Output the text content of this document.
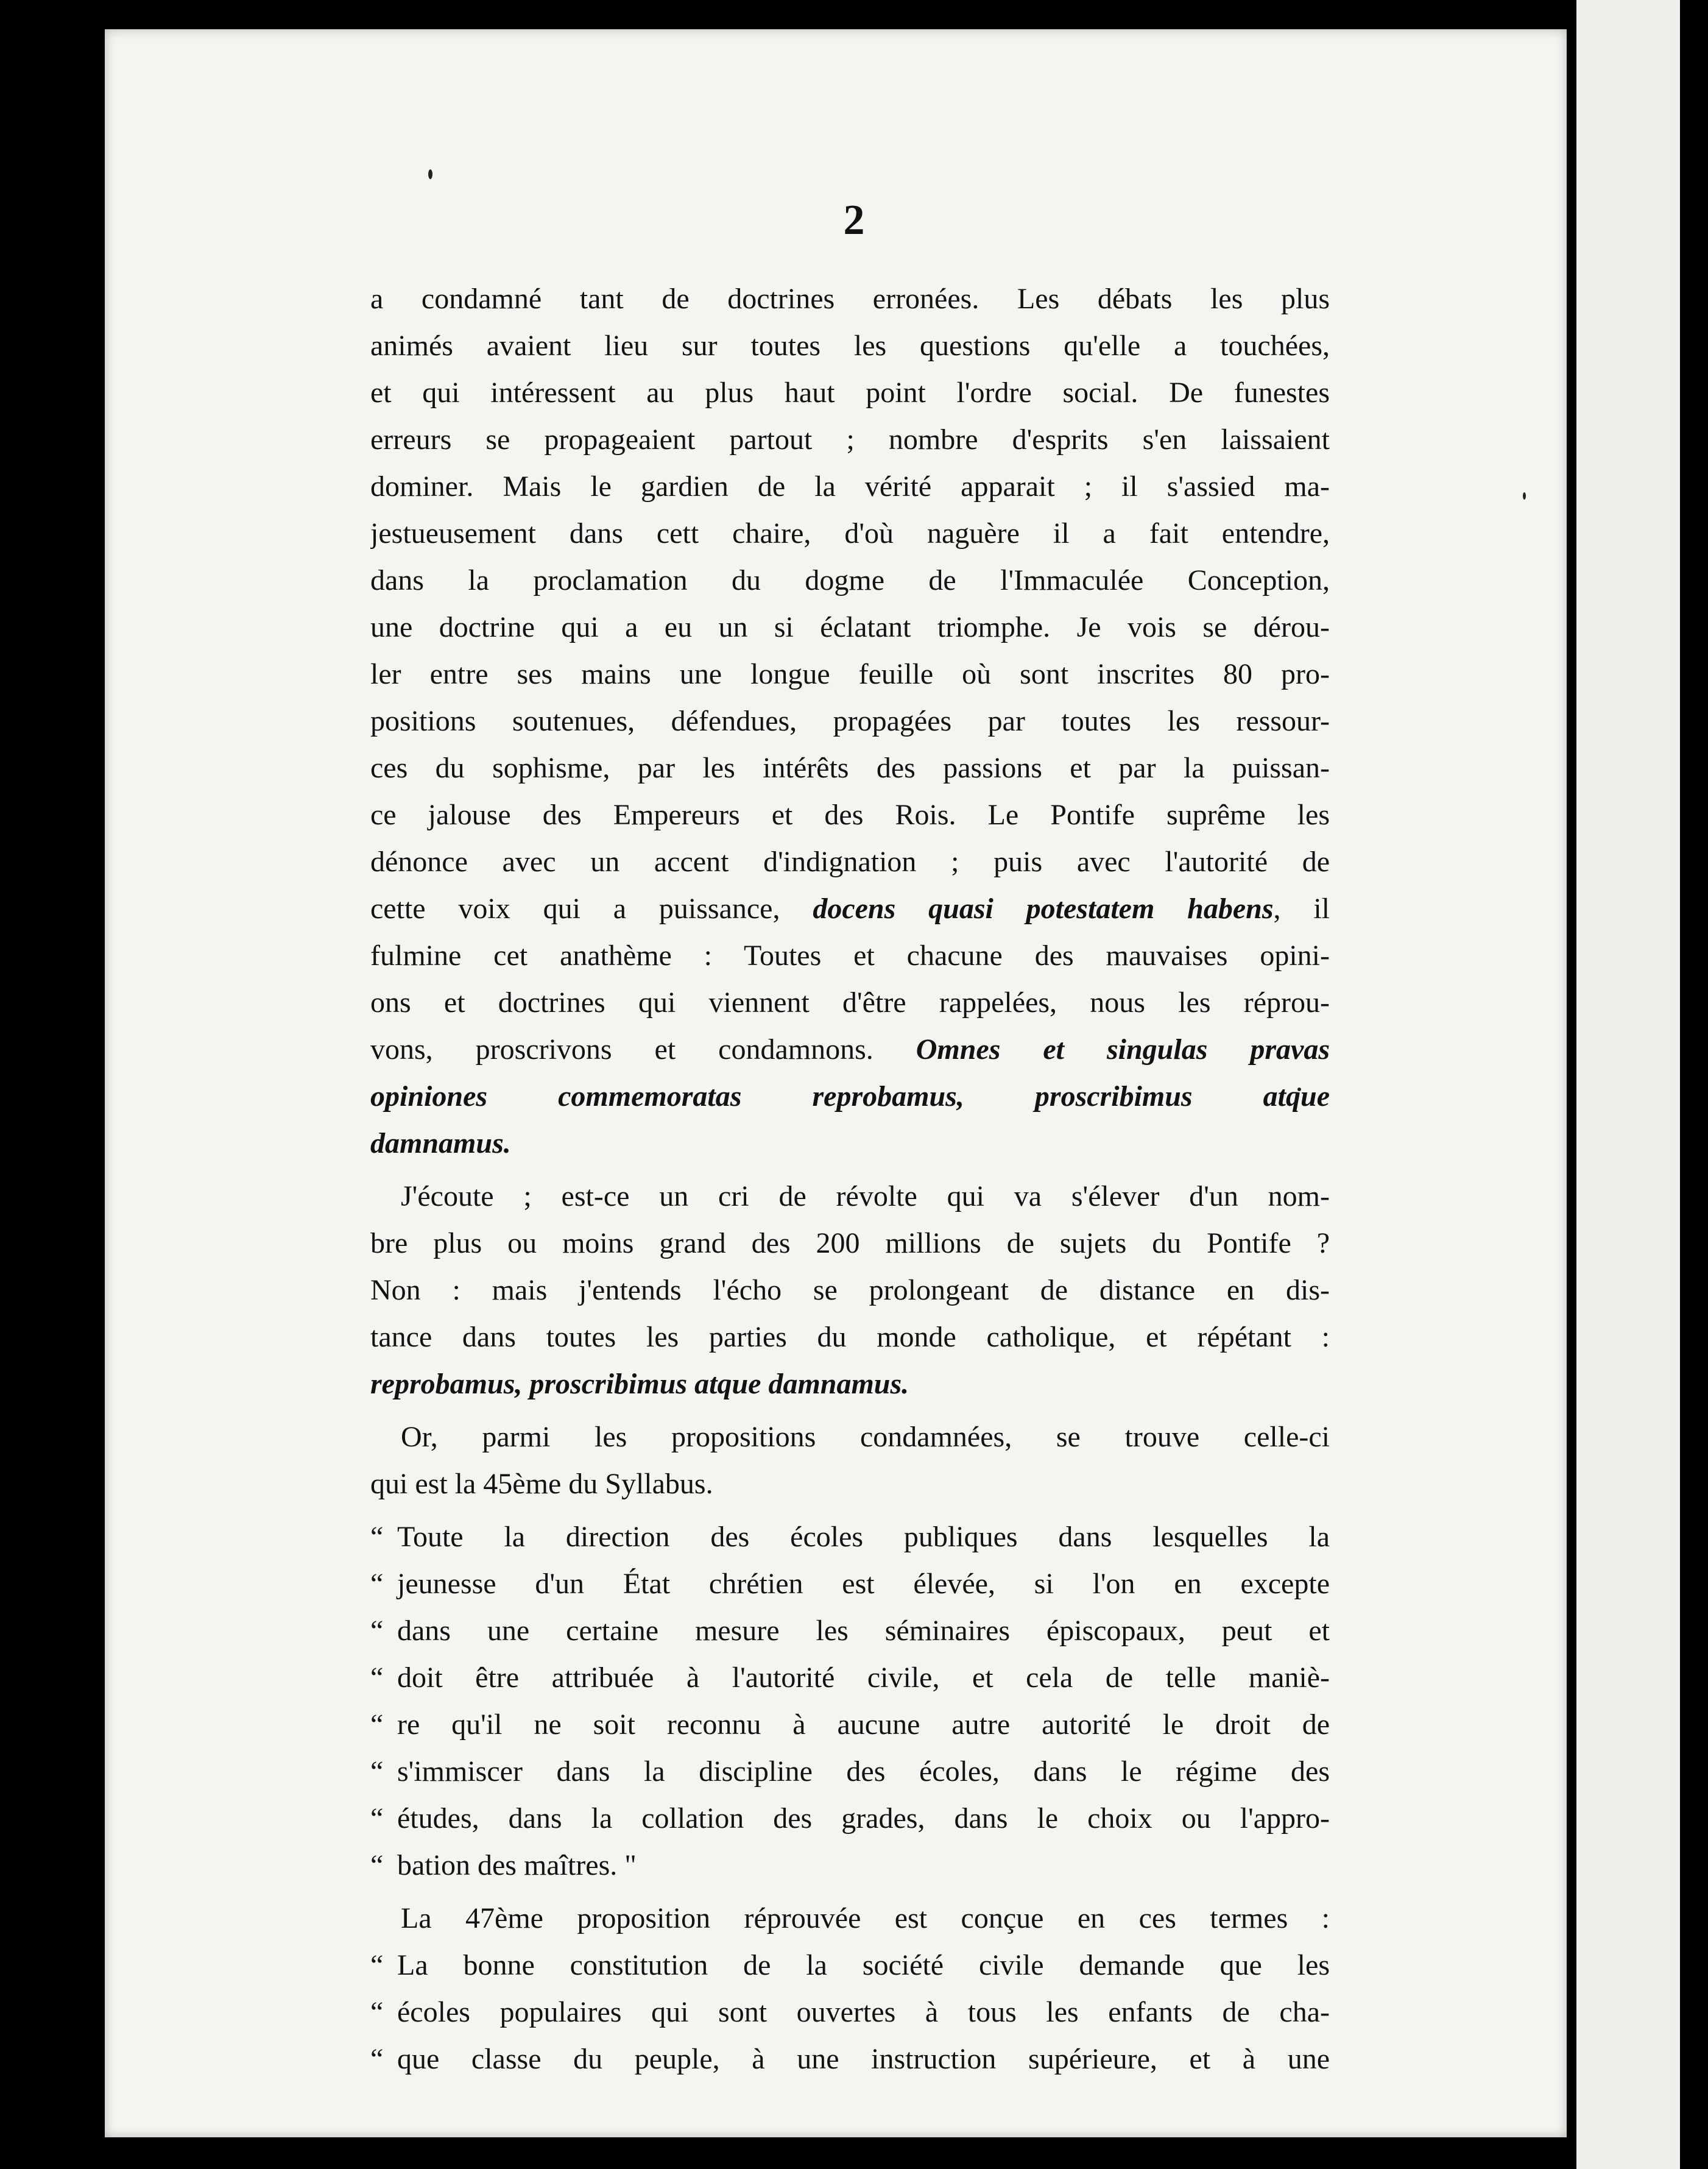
2
a condamné tant de doctrines erronées. Les débats les plus
animés avaient lieu sur toutes les questions qu'elle a touchées,
et qui intéressent au plus haut point l'ordre social. De funestes
erreurs se propageaient partout ; nombre d'esprits s'en laissaient
dominer. Mais le gardien de la vérité apparait ; il s'assied ma-
jestueusement dans cett chaire, d'où naguère il a fait entendre,
dans la proclamation du dogme de l'Immaculée Conception,
une doctrine qui a eu un si éclatant triomphe. Je vois se dérou-
ler entre ses mains une longue feuille où sont inscrites 80 pro-
positions soutenues, défendues, propagées par toutes les ressour-
ces du sophisme, par les intérêts des passions et par la puissan-
ce jalouse des Empereurs et des Rois. Le Pontife suprême les
dénonce avec un accent d'indignation ; puis avec l'autorité de
cette voix qui a puissance, docens quasi potestatem habens, il
fulmine cet anathème : Toutes et chacune des mauvaises opini-
ons et doctrines qui viennent d'être rappelées, nous les réprou-
vons, proscrivons et condamnons. Omnes et singulas pravas
opiniones commemoratas reprobamus, proscribimus atque
damnamus.
J'écoute ; est-ce un cri de révolte qui va s'élever d'un nom-
bre plus ou moins grand des 200 millions de sujets du Pontife ?
Non : mais j'entends l'écho se prolongeant de distance en dis-
tance dans toutes les parties du monde catholique, et répétant :
reprobamus, proscribimus atque damnamus.
Or, parmi les propositions condamnées, se trouve celle-ci
qui est la 45ème du Syllabus.
“ Toute la direction des écoles publiques dans lesquelles la
“ jeunesse d'un État chrétien est élevée, si l'on en excepte
“ dans une certaine mesure les séminaires épiscopaux, peut et
“ doit être attribuée à l'autorité civile, et cela de telle maniè-
“ re qu'il ne soit reconnu à aucune autre autorité le droit de
“ s'immiscer dans la discipline des écoles, dans le régime des
“ études, dans la collation des grades, dans le choix ou l'appro-
“ bation des maîtres. "
La 47ème proposition réprouvée est conçue en ces termes :
“ La bonne constitution de la société civile demande que les
“ écoles populaires qui sont ouvertes à tous les enfants de cha-
“ que classe du peuple, à une instruction supérieure, et à une
